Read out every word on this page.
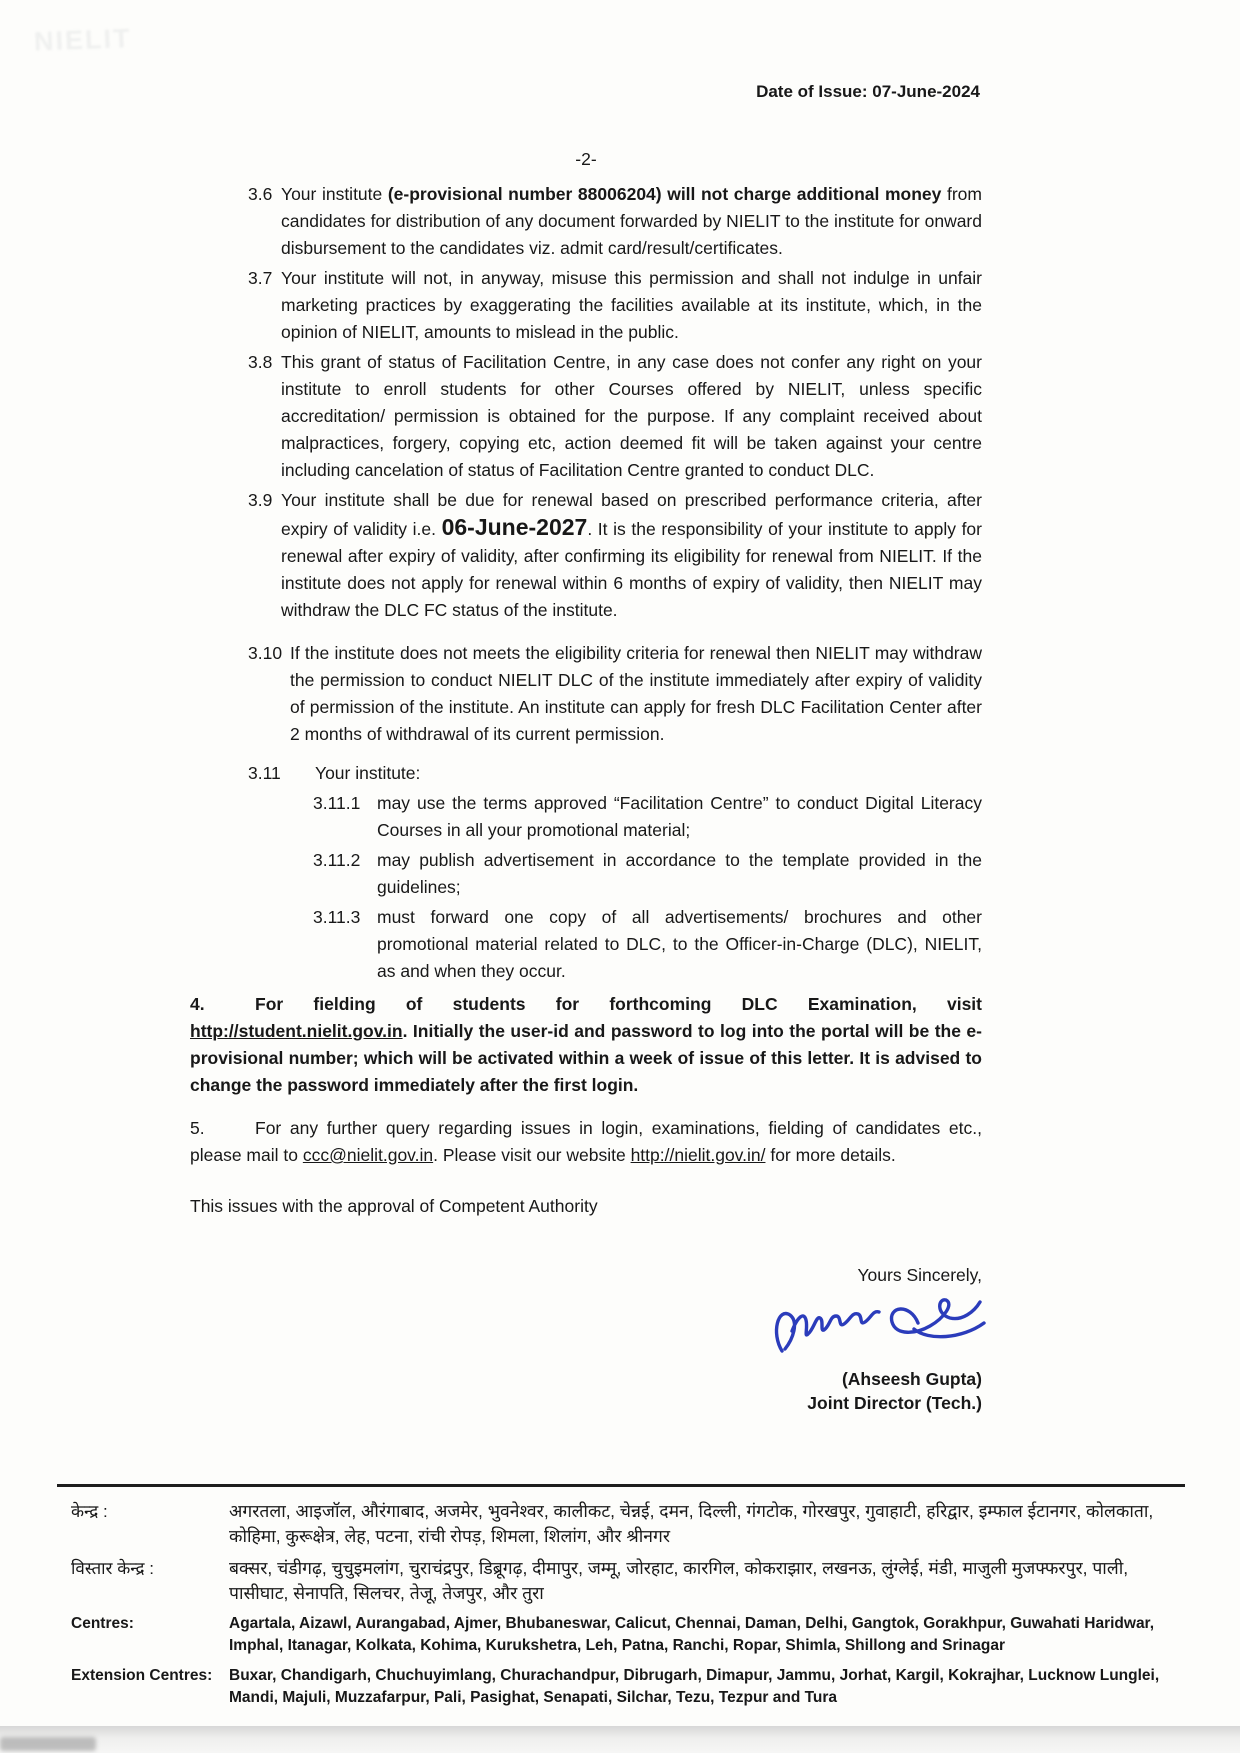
NIELIT
Date of Issue: 07-June-2024
-2-
3.6 Your institute (e-provisional number 88006204) will not charge additional money from candidates for distribution of any document forwarded by NIELIT to the institute for onward disbursement to the candidates viz. admit card/result/certificates.
3.7 Your institute will not, in anyway, misuse this permission and shall not indulge in unfair marketing practices by exaggerating the facilities available at its institute, which, in the opinion of NIELIT, amounts to mislead in the public.
3.8 This grant of status of Facilitation Centre, in any case does not confer any right on your institute to enroll students for other Courses offered by NIELIT, unless specific accreditation/ permission is obtained for the purpose. If any complaint received about malpractices, forgery, copying etc, action deemed fit will be taken against your centre including cancelation of status of Facilitation Centre granted to conduct DLC.
3.9 Your institute shall be due for renewal based on prescribed performance criteria, after expiry of validity i.e. 06-June-2027. It is the responsibility of your institute to apply for renewal after expiry of validity, after confirming its eligibility for renewal from NIELIT. If the institute does not apply for renewal within 6 months of expiry of validity, then NIELIT may withdraw the DLC FC status of the institute.
3.10 If the institute does not meets the eligibility criteria for renewal then NIELIT may withdraw the permission to conduct NIELIT DLC of the institute immediately after expiry of validity of permission of the institute. An institute can apply for fresh DLC Facilitation Center after 2 months of withdrawal of its current permission.
3.11	Your institute:
3.11.1 may use the terms approved “Facilitation Centre” to conduct Digital Literacy Courses in all your promotional material;
3.11.2 may publish advertisement in accordance to the template provided in the guidelines;
3.11.3 must forward one copy of all advertisements/ brochures and other promotional material related to DLC, to the Officer-in-Charge (DLC), NIELIT, as and when they occur.
4.	For fielding of students for forthcoming DLC Examination, visit http://student.nielit.gov.in. Initially the user-id and password to log into the portal will be the e-provisional number; which will be activated within a week of issue of this letter. It is advised to change the password immediately after the first login.
5.	For any further query regarding issues in login, examinations, fielding of candidates etc., please mail to ccc@nielit.gov.in. Please visit our website http://nielit.gov.in/ for more details.
This issues with the approval of Competent Authority
Yours Sincerely,
(Ahseesh Gupta)
Joint Director (Tech.)
केन्द्र :	अगरतला, आइजॉल, औरंगाबाद, अजमेर, भुवनेश्वर, कालीकट, चेन्नई, दमन, दिल्ली, गंगटोक, गोरखपुर, गुवाहाटी, हरिद्वार, इम्फाल ईटानगर, कोलकाता, कोहिमा, कुरूक्षेत्र, लेह, पटना, रांची रोपड़, शिमला, शिलांग, और श्रीनगर
विस्तार केन्द्र :	बक्सर, चंडीगढ़, चुचुइमलांग, चुराचंद्रपुर, डिब्रूगढ़, दीमापुर, जम्मू, जोरहाट, कारगिल, कोकराझार, लखनऊ, लुंग्लेई, मंडी, माजुली मुजफ्फरपुर, पाली, पासीघाट, सेनापति, सिलचर, तेजू, तेजपुर, और तुरा
Centres:	Agartala, Aizawl, Aurangabad, Ajmer, Bhubaneswar, Calicut, Chennai, Daman, Delhi, Gangtok, Gorakhpur, Guwahati Haridwar, Imphal, Itanagar, Kolkata, Kohima, Kurukshetra, Leh, Patna, Ranchi, Ropar, Shimla, Shillong and Srinagar
Extension Centres:	Buxar, Chandigarh, Chuchuyimlang, Churachandpur, Dibrugarh, Dimapur, Jammu, Jorhat, Kargil, Kokrajhar, Lucknow Lunglei, Mandi, Majuli, Muzzafarpur, Pali, Pasighat, Senapati, Silchar, Tezu, Tezpur and Tura
